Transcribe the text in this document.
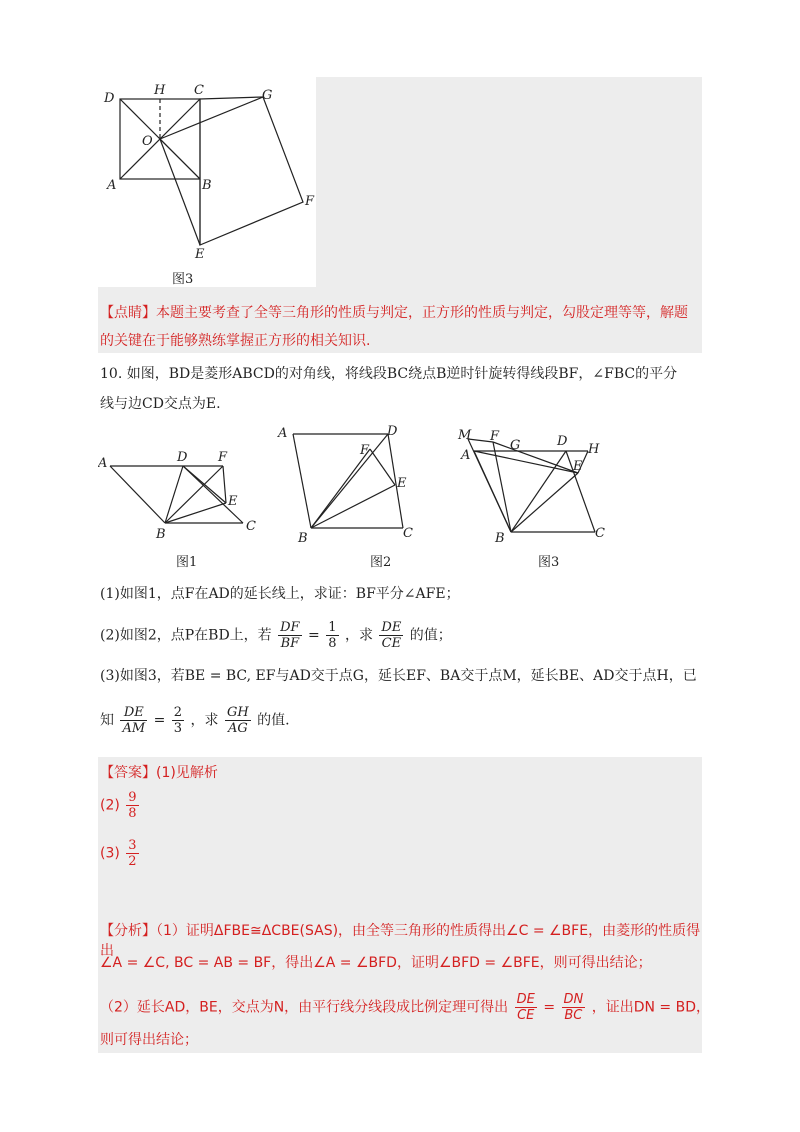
D
H C	G
O
A	B
F
E
图3
【点睛】本题主要考查了全等三角形的性质与判定，正方形的性质与判定，勾股定理等等，解题
的关键在于能够熟练掌握正方形的相关知识.
10. 如图，BD是菱形ABCD的对角线，将线段BC绕点B逆时针旋转得线段BF，∠FBC的平分
线与边CD交点为E.
A	D F
E
B
C
图1
A	D
F
E
B	C
图2
M
A
F
G	D
H
E
B	C
图3
(1)如图1，点F在AD的延长线上，求证：BF平分∠AFE；
(2)如图2，点P在BD上，若 $\frac{DF}{BF} = \frac{1}{8}$ ，求 $\frac{DE}{CE}$ 的值；
(3)如图3，若BE = BC, EF与AD交于点G，延长EF、BA交于点M，延长BE、AD交于点H，已
知 $\frac{DE}{AM} = \frac{2}{3}$ ，求 $\frac{GH}{AG}$ 的值.
【答案】(1)见解析
$(2) \frac{9}{8}$
$(3) \frac{3}{2}$
【分析】（1）证明ΔFBE≅ΔCBE(SAS)，由全等三角形的性质得出∠C = ∠BFE，由菱形的性质得出
∠A = ∠C, BC = AB = BF，得出∠A = ∠BFD，证明∠BFD = ∠BFE，则可得出结论；
（2）延长AD，BE，交点为N，由平行线分线段成比例定理可得出 $\frac{DE}{CE} = \frac{DN}{BC}$ ，证出DN = BD，
则可得出结论；
